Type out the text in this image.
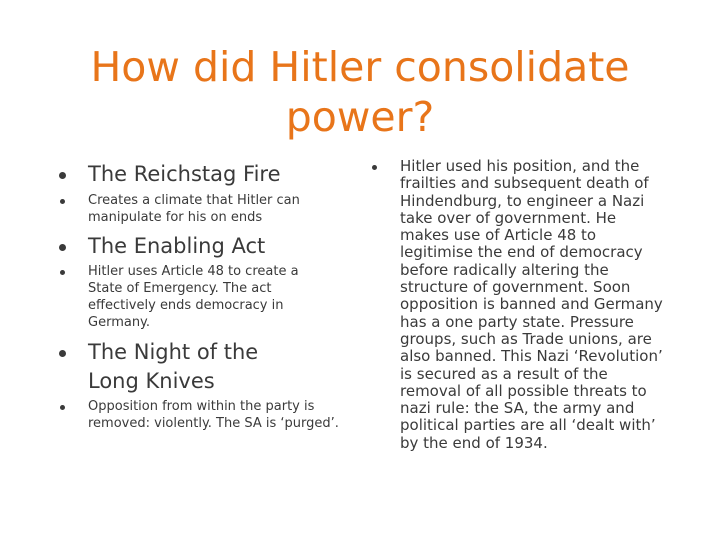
How did Hitler consolidate power?
The Reichstag Fire
Creates a climate that Hitler can manipulate for his on ends
The Enabling Act
Hitler uses Article 48 to create a State of Emergency. The act effectively ends democracy in Germany.
The Night of the Long Knives
Opposition from within the party is removed: violently. The SA is ‘purged’.
Hitler used his position, and the frailties and subsequent death of Hindendburg, to engineer a Nazi take over of government. He makes use of Article 48 to legitimise the end of democracy before radically altering the structure of government. Soon opposition is banned and Germany has a one party state. Pressure groups, such as Trade unions, are also banned. This Nazi ‘Revolution’ is secured as a result of the removal of all possible threats to nazi rule: the SA, the army and political parties are all ‘dealt with’ by the end of 1934.
